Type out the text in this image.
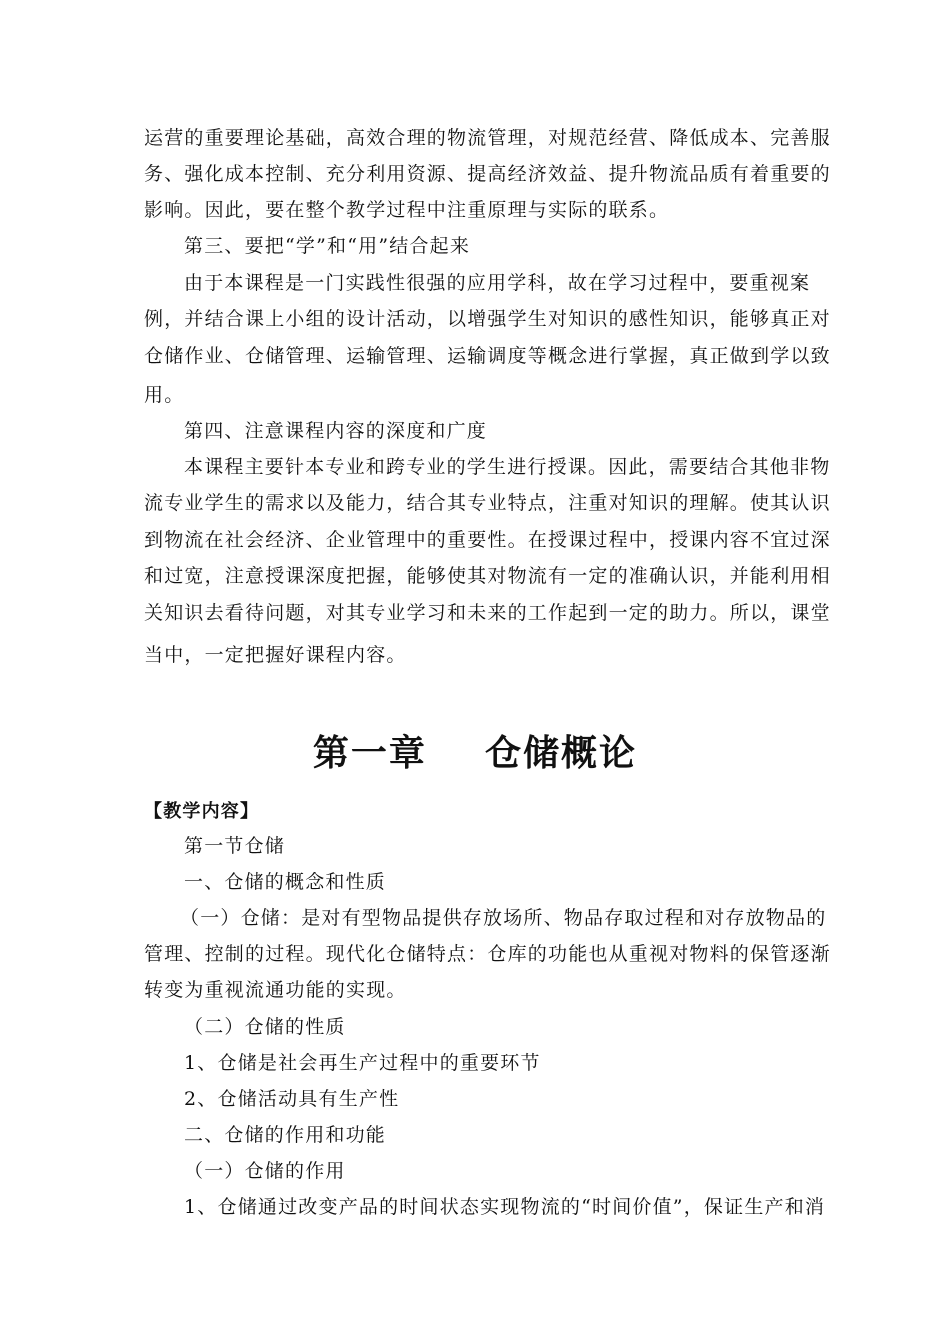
运营的重要理论基础，高效合理的物流管理，对规范经营、降低成本、完善服
务、强化成本控制、充分利用资源、提高经济效益、提升物流品质有着重要的
影响。因此，要在整个教学过程中注重原理与实际的联系。
第三、要把“学”和“用”结合起来
由于本课程是一门实践性很强的应用学科，故在学习过程中，要重视案
例，并结合课上小组的设计活动，以增强学生对知识的感性知识，能够真正对
仓储作业、仓储管理、运输管理、运输调度等概念进行掌握，真正做到学以致
用。
第四、注意课程内容的深度和广度
本课程主要针本专业和跨专业的学生进行授课。因此，需要结合其他非物
流专业学生的需求以及能力，结合其专业特点，注重对知识的理解。使其认识
到物流在社会经济、企业管理中的重要性。在授课过程中，授课内容不宜过深
和过宽，注意授课深度把握，能够使其对物流有一定的准确认识，并能利用相
关知识去看待问题，对其专业学习和未来的工作起到一定的助力。所以，课堂
当中，一定把握好课程内容。
第一章    仓储概论
【教学内容】
第一节仓储
一、仓储的概念和性质
（一）仓储：是对有型物品提供存放场所、物品存取过程和对存放物品的
管理、控制的过程。现代化仓储特点：仓库的功能也从重视对物料的保管逐渐
转变为重视流通功能的实现。
（二）仓储的性质
1、仓储是社会再生产过程中的重要环节
2、仓储活动具有生产性
二、仓储的作用和功能
（一）仓储的作用
1、仓储通过改变产品的时间状态实现物流的“时间价值”，保证生产和消
